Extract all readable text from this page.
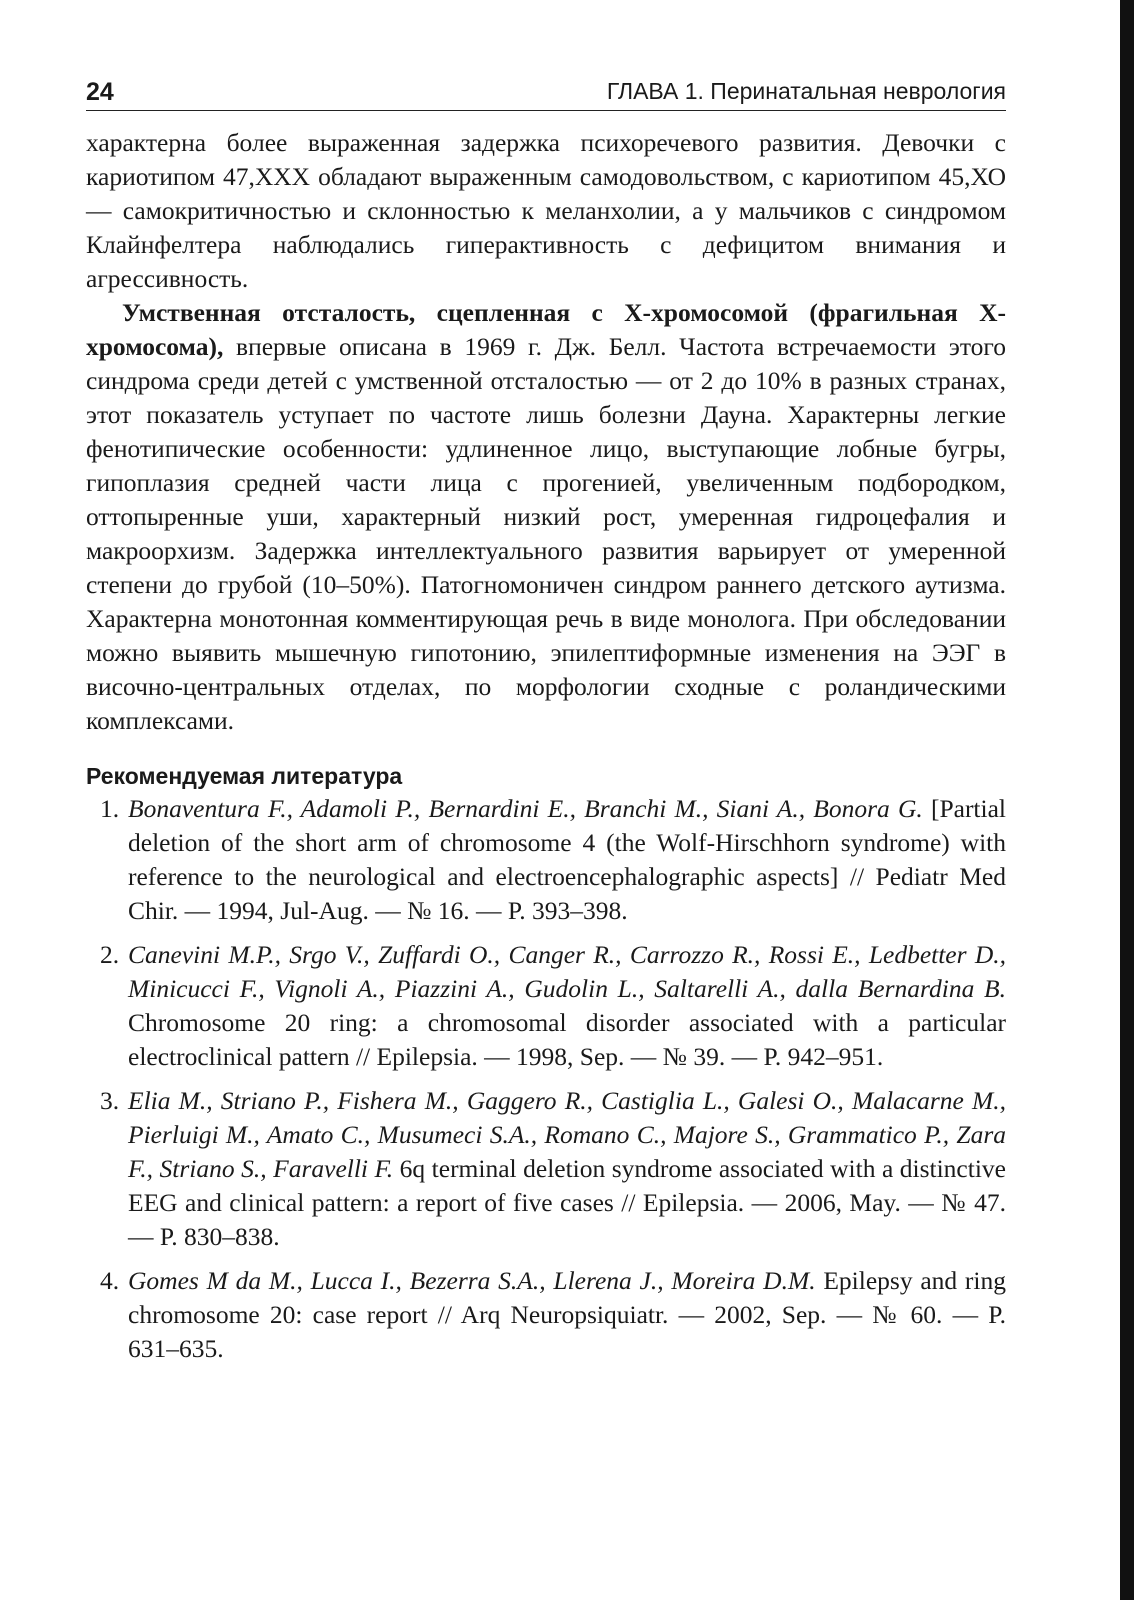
24	ГЛАВА 1. Перинатальная неврология

характерна более выраженная задержка психоречевого развития. Девочки с кариотипом 47,ХХХ обладают выраженным самодовольством, с кариотипом 45,ХО — самокритичностью и склонностью к меланхолии, а у мальчиков с синдромом Клайнфелтера наблюдались гиперактивность с дефицитом внимания и агрессивность.

Умственная отсталость, сцепленная с Х-хромосомой (фрагильная Х-хромосома), впервые описана в 1969 г. Дж. Белл. Частота встречаемости этого синдрома среди детей с умственной отсталостью — от 2 до 10% в разных странах, этот показатель уступает по частоте лишь болезни Дауна. Характерны легкие фенотипические особенности: удлиненное лицо, выступающие лобные бугры, гипоплазия средней части лица с прогенией, увеличенным подбородком, оттопыренные уши, характерный низкий рост, умеренная гидроцефалия и макроорхизм. Задержка интеллектуального развития варьирует от умеренной степени до грубой (10–50%). Патогномоничен синдром раннего детского аутизма. Характерна монотонная комментирующая речь в виде монолога. При обследовании можно выявить мышечную гипотонию, эпилептиформные изменения на ЭЭГ в височно-центральных отделах, по морфологии сходные с роландическими комплексами.

Рекомендуемая литература

1. Bonaventura F., Adamoli P., Bernardini E., Branchi M., Siani A., Bonora G. [Partial deletion of the short arm of chromosome 4 (the Wolf-Hirschhorn syndrome) with reference to the neurological and electroencephalographic aspects] // Pediatr Med Chir. — 1994, Jul-Aug. — № 16. — P. 393–398.
2. Canevini M.P., Srgo V., Zuffardi O., Canger R., Carrozzo R., Rossi E., Ledbetter D., Minicucci F., Vignoli A., Piazzini A., Gudolin L., Saltarelli A., dalla Bernardina B. Chromosome 20 ring: a chromosomal disorder associated with a particular electroclinical pattern // Epilepsia. — 1998, Sep. — № 39. — P. 942–951.
3. Elia M., Striano P., Fishera M., Gaggero R., Castiglia L., Galesi O., Malacarne M., Pierluigi M., Amato C., Musumeci S.A., Romano C., Majore S., Grammatico P., Zara F., Striano S., Faravelli F. 6q terminal deletion syndrome associated with a distinctive EEG and clinical pattern: a report of five cases // Epilepsia. — 2006, May. — № 47. — P. 830–838.
4. Gomes M da M., Lucca I., Bezerra S.A., Llerena J., Moreira D.M. Epilepsy and ring chromosome 20: case report // Arq Neuropsiquiatr. — 2002, Sep. — № 60. — P. 631–635.
